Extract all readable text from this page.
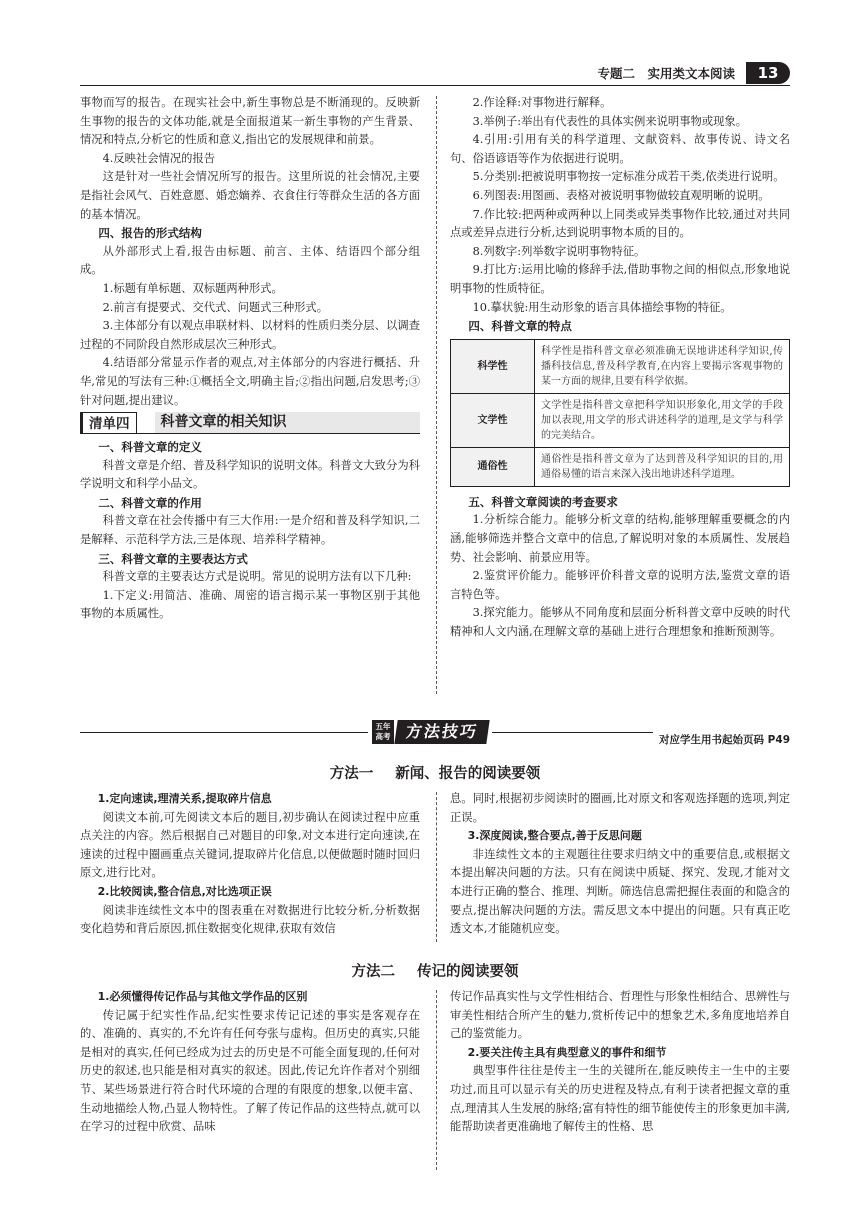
专题二　实用类文本阅读	13

事物而写的报告。在现实社会中,新生事物总是不断涌现的。反映新生事物的报告的文体功能,就是全面报道某一新生事物的产生背景、情况和特点,分析它的性质和意义,指出它的发展规律和前景。

4.反映社会情况的报告

这是针对一些社会情况所写的报告。这里所说的社会情况,主要是指社会风气、百姓意愿、婚恋嫡养、衣食住行等群众生活的各方面的基本情况。

四、报告的形式结构

从外部形式上看,报告由标题、前言、主体、结语四个部分组成。

1.标题有单标题、双标题两种形式。

2.前言有提要式、交代式、问题式三种形式。

3.主体部分有以观点串联材料、以材料的性质归类分层、以调查过程的不同阶段自然形成层次三种形式。

4.结语部分常显示作者的观点,对主体部分的内容进行概括、升华,常见的写法有三种:①概括全文,明确主旨;②指出问题,启发思考;③针对问题,提出建议。

清单四	科普文章的相关知识
一、科普文章的定义

科普文章是介绍、普及科学知识的说明文体。科普文大致分为科学说明文和科学小品文。

二、科普文章的作用

科普文章在社会传播中有三大作用:一是介绍和普及科学知识,二是解释、示范科学方法,三是体现、培养科学精神。

三、科普文章的主要表达方式

科普文章的主要表达方式是说明。常见的说明方法有以下几种:

1.下定义:用简洁、准确、周密的语言揭示某一事物区别于其他事物的本质属性。

2.作诠释:对事物进行解释。

3.举例子:举出有代表性的具体实例来说明事物或现象。

4.引用:引用有关的科学道理、文献资料、故事传说、诗文名句、俗语谚语等作为依据进行说明。

5.分类别:把被说明事物按一定标准分成若干类,依类进行说明。

6.列图表:用图画、表格对被说明事物做较直观明晰的说明。

7.作比较:把两种或两种以上同类或异类事物作比较,通过对共同点或差异点进行分析,达到说明事物本质的目的。

8.列数字:列举数字说明事物特征。

9.打比方:运用比喻的修辞手法,借助事物之间的相似点,形象地说明事物的性质特征。

10.摹状貌:用生动形象的语言具体描绘事物的特征。

四、科普文章的特点
科学性	科学性是指科普文章必须准确无误地讲述科学知识,传播科技信息,普及科学教育,在内容上要揭示客观事物的某一方面的规律,且要有科学依据。
文学性	文学性是指科普文章把科学知识形象化,用文学的手段加以表现,用文学的形式讲述科学的道理,是文学与科学的完美结合。
通俗性	通俗性是指科普文章为了达到普及科学知识的目的,用通俗易懂的语言来深入浅出地讲述科学道理。
五、科普文章阅读的考查要求

1.分析综合能力。能够分析文章的结构,能够理解重要概念的内涵,能够筛选并整合文章中的信息,了解说明对象的本质属性、发展趋势、社会影响、前景应用等。

2.鉴赏评价能力。能够评价科普文章的说明方法,鉴赏文章的语言特色等。

3.探究能力。能够从不同角度和层面分析科普文章中反映的时代精神和人文内涵,在理解文章的基础上进行合理想象和推断预测等。

五年高考 方法技巧	对应学生用书起始页码 P49
方法一 新闻、报告的阅读要领
1.定向速读,理清关系,提取碎片信息

阅读文本前,可先阅读文本后的题目,初步确认在阅读过程中应重点关注的内容。然后根据自己对题目的印象,对文本进行定向速读,在速读的过程中圈画重点关键词,提取碎片化信息,以便做题时随时回归原文,进行比对。

2.比较阅读,整合信息,对比选项正误

阅读非连续性文本中的图表重在对数据进行比较分析,分析数据变化趋势和背后原因,抓住数据变化规律,获取有效信

息。同时,根据初步阅读时的圈画,比对原文和客观选择题的选项,判定正误。

3.深度阅读,整合要点,善于反思问题

非连续性文本的主观题往往要求归纳文中的重要信息,或根据文本提出解决问题的方法。只有在阅读中质疑、探究、发现,才能对文本进行正确的整合、推理、判断。筛选信息需把握住表面的和隐含的要点,提出解决问题的方法。需反思文本中提出的问题。只有真正吃透文本,才能随机应变。

方法二 传记的阅读要领
1.必须懂得传记作品与其他文学作品的区别

传记属于纪实性作品,纪实性要求传记记述的事实是客观存在的、准确的、真实的,不允许有任何夸张与虚构。但历史的真实,只能是相对的真实,任何已经成为过去的历史是不可能全面复现的,任何对历史的叙述,也只能是相对真实的叙述。因此,传记允许作者对个别细节、某些场景进行符合时代环境的合理的有限度的想象,以便丰富、生动地描绘人物,凸显人物特性。了解了传记作品的这些特点,就可以在学习的过程中欣赏、品味

传记作品真实性与文学性相结合、哲理性与形象性相结合、思辨性与审美性相结合所产生的魅力,赏析传记中的想象艺术,多角度地培养自己的鉴赏能力。

2.要关注传主具有典型意义的事件和细节

典型事件往往是传主一生的关键所在,能反映传主一生中的主要功过,而且可以显示有关的历史进程及特点,有利于读者把握文章的重点,理清其人生发展的脉络;富有特性的细节能使传主的形象更加丰满,能帮助读者更准确地了解传主的性格、思
